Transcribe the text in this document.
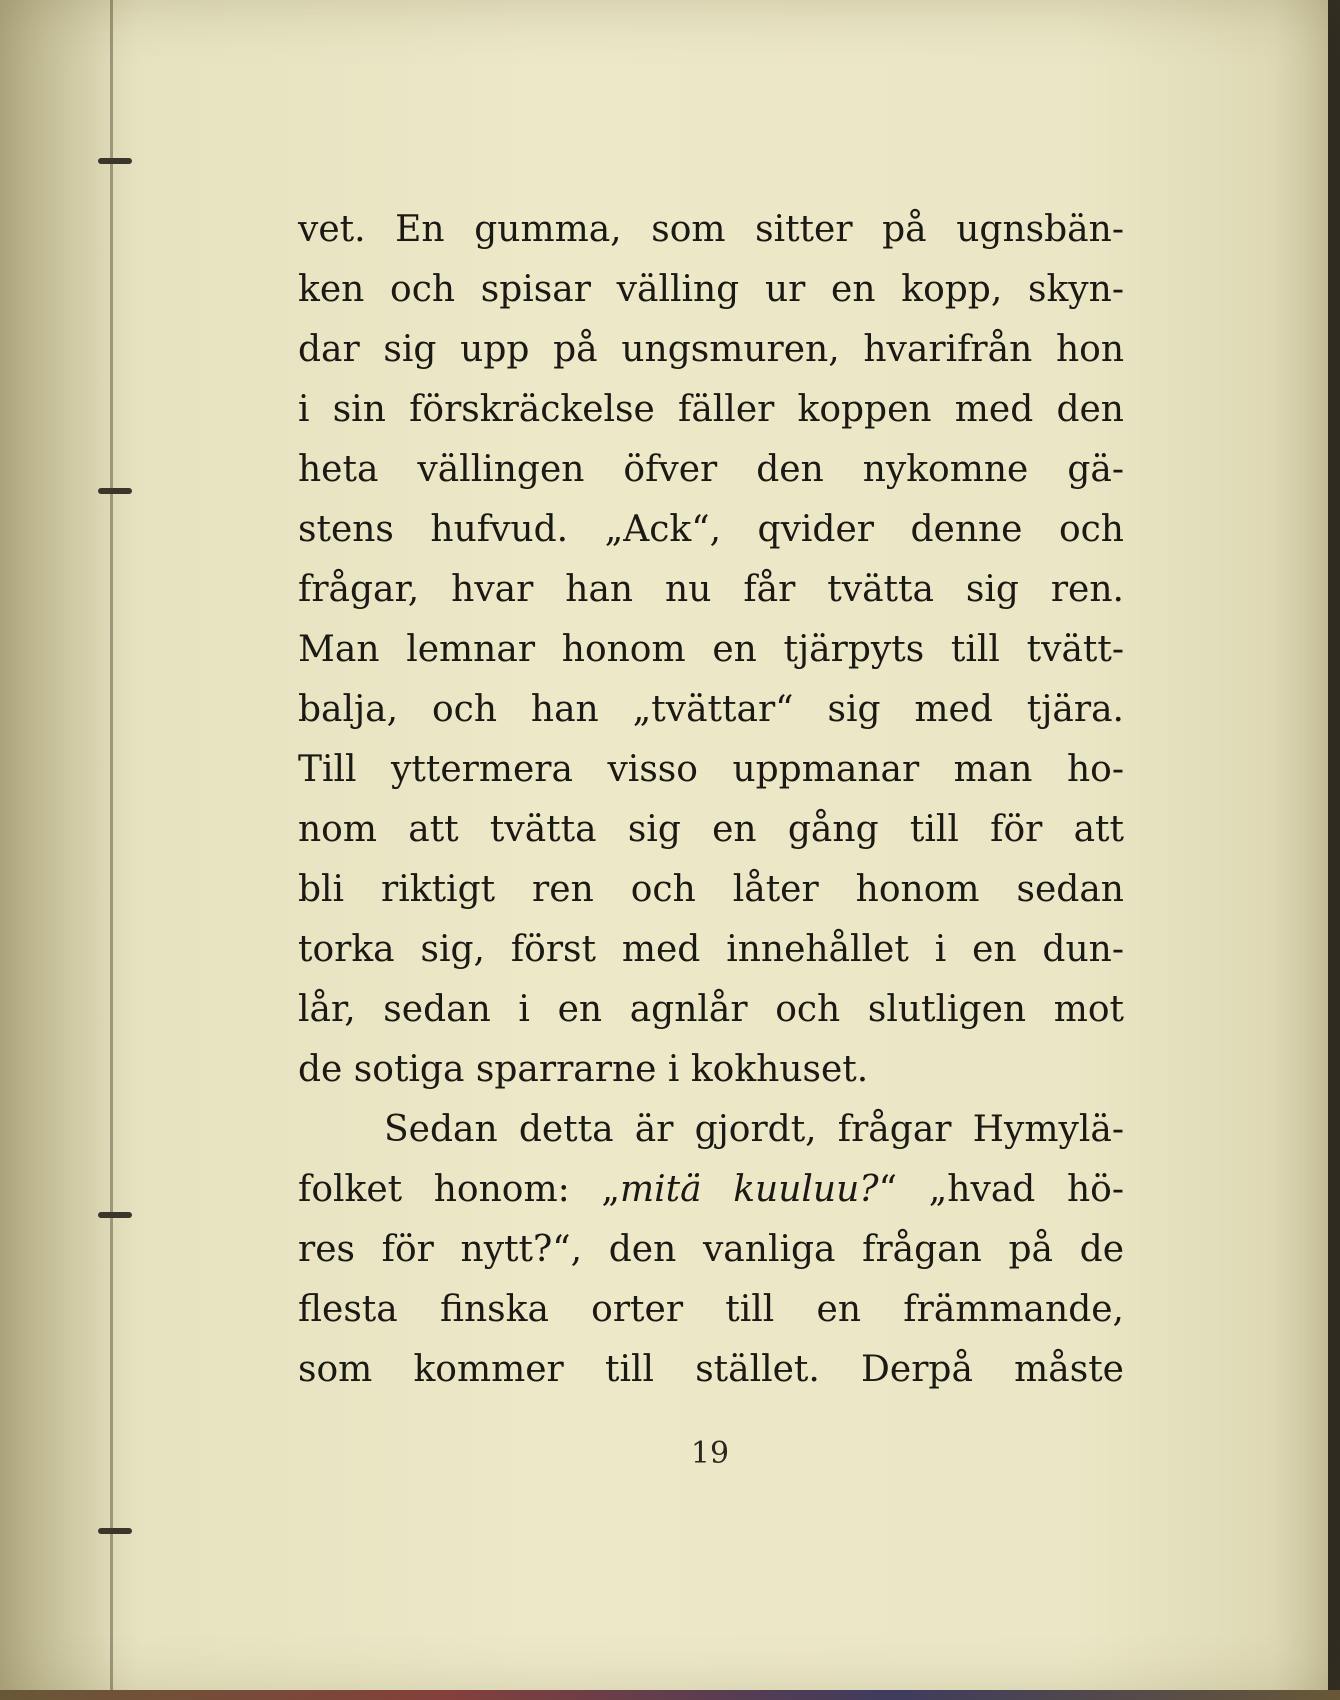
vet. En gumma, som sitter på ugnsbän-
ken och spisar välling ur en kopp, skyn-
dar sig upp på ungsmuren, hvarifrån hon
i sin förskräckelse fäller koppen med den
heta vällingen öfver den nykomne gä-
stens hufvud. „Ack“, qvider denne och
frågar, hvar han nu får tvätta sig ren.
Man lemnar honom en tjärpyts till tvätt-
balja, och han „tvättar“ sig med tjära.
Till yttermera visso uppmanar man ho-
nom att tvätta sig en gång till för att
bli riktigt ren och låter honom sedan
torka sig, först med innehållet i en dun-
lår, sedan i en agnlår och slutligen mot
de sotiga sparrarne i kokhuset.
Sedan detta är gjordt, frågar Hymylä-
folket honom: „mitä kuuluu?“ „hvad hö-
res för nytt?“, den vanliga frågan på de
flesta finska orter till en främmande,
som kommer till stället. Derpå måste
19
